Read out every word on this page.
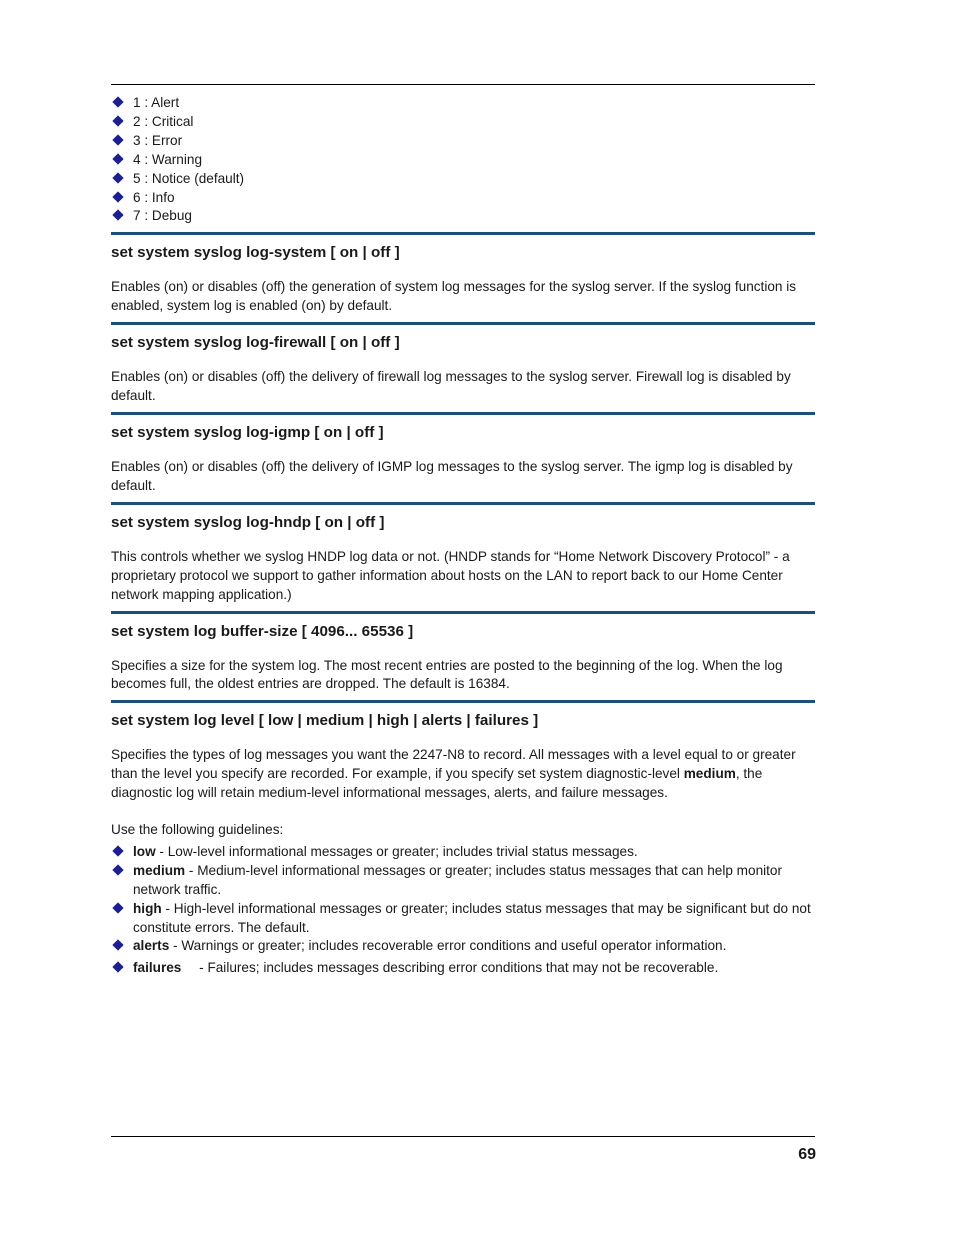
1 : Alert
2 : Critical
3 : Error
4 : Warning
5 : Notice (default)
6 : Info
7 : Debug
set system syslog log-system [ on | off ]

Enables (on) or disables (off) the generation of system log messages for the syslog server. If the syslog function is enabled, system log is enabled (on) by default.

set system syslog log-firewall [ on | off ]

Enables (on) or disables (off) the delivery of firewall log messages to the syslog server. Firewall log is disabled by default.

set system syslog log-igmp [ on | off ]

Enables (on) or disables (off) the delivery of IGMP log messages to the syslog server. The igmp log is disabled by default.

set system syslog log-hndp [ on | off ]

This controls whether we syslog HNDP log data or not. (HNDP stands for “Home Network Discovery Protocol” - a proprietary protocol we support to gather information about hosts on the LAN to report back to our Home Center network mapping application.)

set system log buffer-size [ 4096... 65536 ]

Specifies a size for the system log. The most recent entries are posted to the beginning of the log. When the log becomes full, the oldest entries are dropped. The default is 16384.

set system log level [ low | medium | high | alerts | failures ]

Specifies the types of log messages you want the 2247-N8 to record. All messages with a level equal to or greater than the level you specify are recorded. For example, if you specify set system diagnostic-level medium, the diagnostic log will retain medium-level informational messages, alerts, and failure messages.

Use the following guidelines:
low - Low-level informational messages or greater; includes trivial status messages.
medium - Medium-level informational messages or greater; includes status messages that can help monitor network traffic.
high - High-level informational messages or greater; includes status messages that may be significant but do not constitute errors. The default.
alerts - Warnings or greater; includes recoverable error conditions and useful operator information.
failures - Failures; includes messages describing error conditions that may not be recoverable.
69
